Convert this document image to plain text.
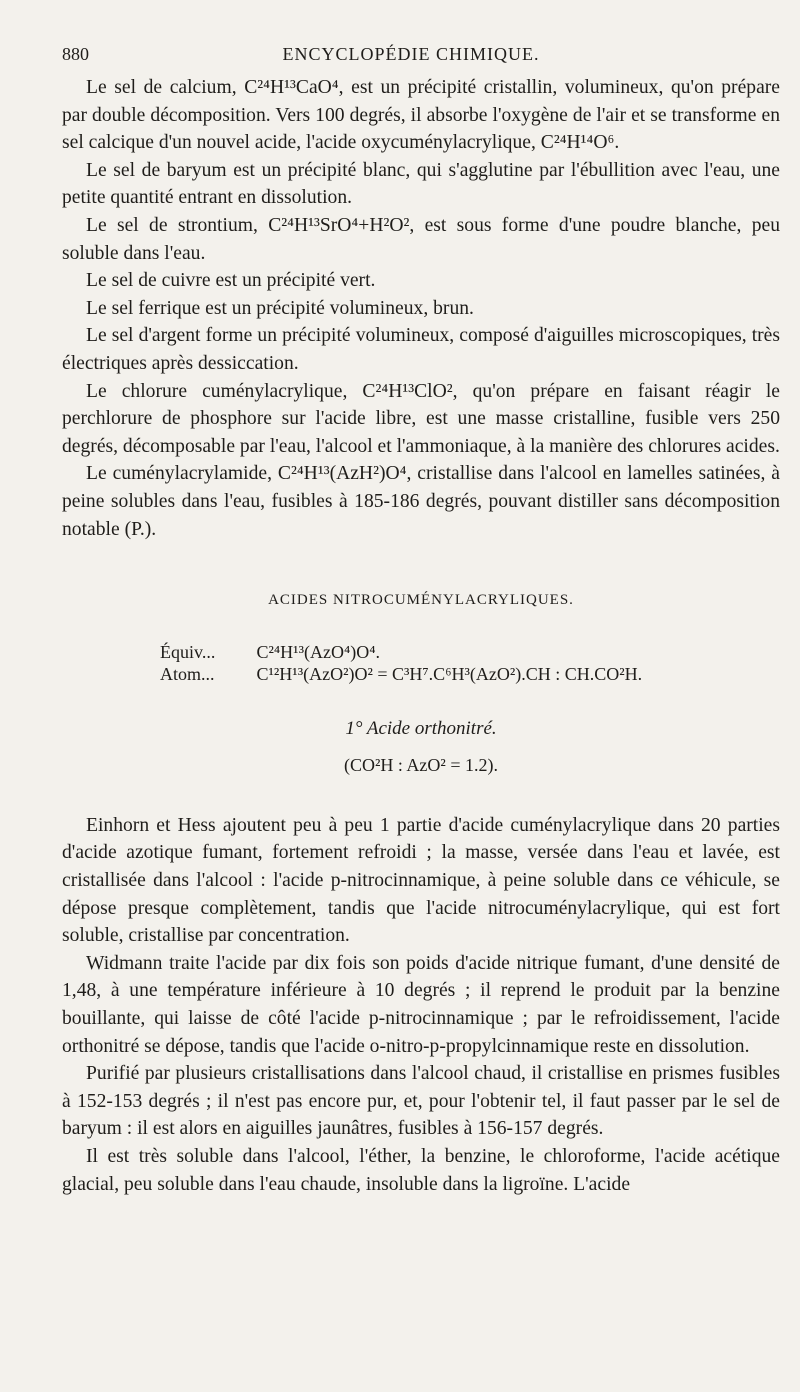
880	ENCYCLOPÉDIE CHIMIQUE.

Le sel de calcium, C²⁴H¹³CaO⁴, est un précipité cristallin, volumineux, qu'on prépare par double décomposition. Vers 100 degrés, il absorbe l'oxygène de l'air et se transforme en sel calcique d'un nouvel acide, l'acide oxycuménylacrylique, C²⁴H¹⁴O⁶.

Le sel de baryum est un précipité blanc, qui s'agglutine par l'ébullition avec l'eau, une petite quantité entrant en dissolution.

Le sel de strontium, C²⁴H¹³SrO⁴+H²O², est sous forme d'une poudre blanche, peu soluble dans l'eau.

Le sel de cuivre est un précipité vert.

Le sel ferrique est un précipité volumineux, brun.

Le sel d'argent forme un précipité volumineux, composé d'aiguilles microscopiques, très électriques après dessiccation.

Le chlorure cuménylacrylique, C²⁴H¹³ClO², qu'on prépare en faisant réagir le perchlorure de phosphore sur l'acide libre, est une masse cristalline, fusible vers 250 degrés, décomposable par l'eau, l'alcool et l'ammoniaque, à la manière des chlorures acides.

Le cuménylacrylamide, C²⁴H¹³(AzH²)O⁴, cristallise dans l'alcool en lamelles satinées, à peine solubles dans l'eau, fusibles à 185-186 degrés, pouvant distiller sans décomposition notable (P.).

ACIDES NITROCUMÉNYLACRYLIQUES.
Équiv... C²⁴H¹³(AzO⁴)O⁴.
Atom... C¹²H¹³(AzO²)O² = C³H⁷.C⁶H³(AzO²).CH : CH.CO²H.
1° Acide orthonitré.
(CO²H : AzO² = 1.2).

Einhorn et Hess ajoutent peu à peu 1 partie d'acide cuménylacrylique dans 20 parties d'acide azotique fumant, fortement refroidi ; la masse, versée dans l'eau et lavée, est cristallisée dans l'alcool : l'acide p-nitrocinnamique, à peine soluble dans ce véhicule, se dépose presque complètement, tandis que l'acide nitrocuménylacrylique, qui est fort soluble, cristallise par concentration.

Widmann traite l'acide par dix fois son poids d'acide nitrique fumant, d'une densité de 1,48, à une température inférieure à 10 degrés ; il reprend le produit par la benzine bouillante, qui laisse de côté l'acide p-nitrocinnamique ; par le refroidissement, l'acide orthonitré se dépose, tandis que l'acide o-nitro-p-propylcinnamique reste en dissolution.

Purifié par plusieurs cristallisations dans l'alcool chaud, il cristallise en prismes fusibles à 152-153 degrés ; il n'est pas encore pur, et, pour l'obtenir tel, il faut passer par le sel de baryum : il est alors en aiguilles jaunâtres, fusibles à 156-157 degrés.

Il est très soluble dans l'alcool, l'éther, la benzine, le chloroforme, l'acide acétique glacial, peu soluble dans l'eau chaude, insoluble dans la ligroïne. L'acide
